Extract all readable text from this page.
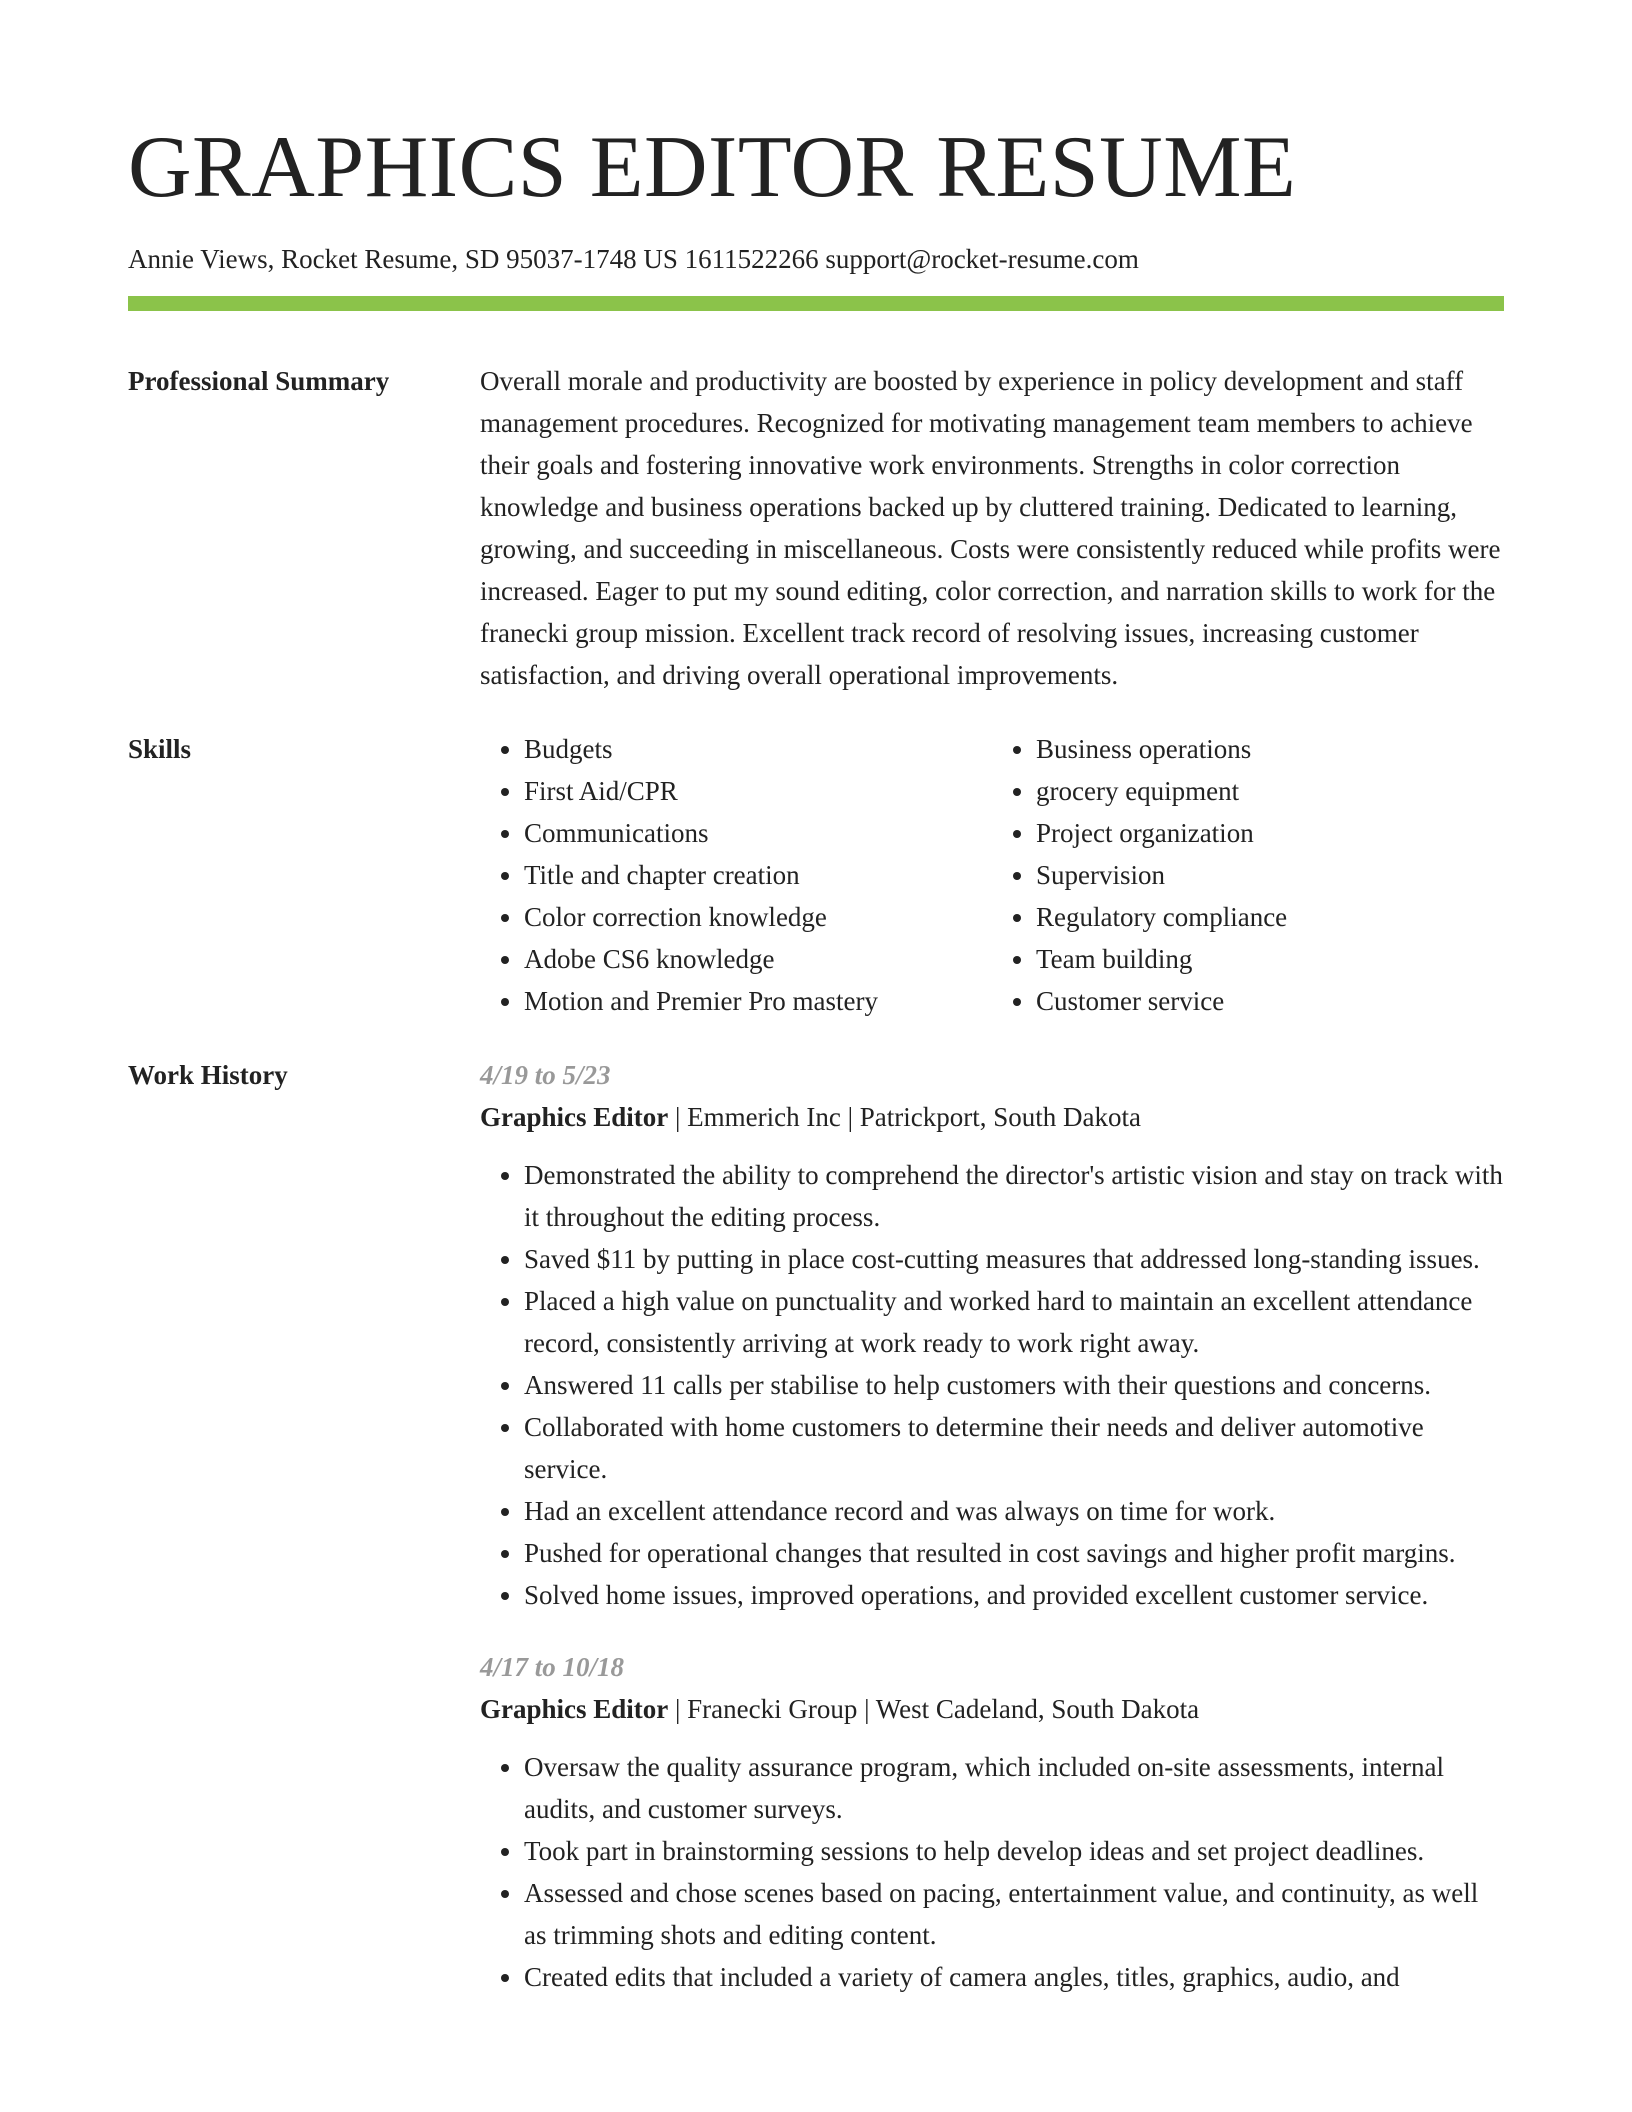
GRAPHICS EDITOR RESUME
Annie Views, Rocket Resume, SD 95037-1748 US 1611522266 support@rocket-resume.com
Professional Summary	Overall morale and productivity are boosted by experience in policy development and staff management procedures. Recognized for motivating management team members to achieve their goals and fostering innovative work environments. Strengths in color correction knowledge and business operations backed up by cluttered training. Dedicated to learning, growing, and succeeding in miscellaneous. Costs were consistently reduced while profits were increased. Eager to put my sound editing, color correction, and narration skills to work for the franecki group mission. Excellent track record of resolving issues, increasing customer satisfaction, and driving overall operational improvements.

Skills
•	Budgets
• First Aid/CPR
• Communications
• Title and chapter creation
• Color correction knowledge
• Adobe CS6 knowledge
• Motion and Premier Pro mastery
• Business operations
• grocery equipment
• Project organization
• Supervision
• Regulatory compliance
• Team building
• Customer service
Work History	4/19 to 5/23
Graphics Editor | Emmerich Inc | Patrickport, South Dakota
• Demonstrated the ability to comprehend the director's artistic vision and stay on track with it throughout the editing process.
• Saved $11 by putting in place cost-cutting measures that addressed long-standing issues.
• Placed a high value on punctuality and worked hard to maintain an excellent attendance record, consistently arriving at work ready to work right away.
• Answered 11 calls per stabilise to help customers with their questions and concerns.
• Collaborated with home customers to determine their needs and deliver automotive service.
• Had an excellent attendance record and was always on time for work.
• Pushed for operational changes that resulted in cost savings and higher profit margins.
• Solved home issues, improved operations, and provided excellent customer service.
4/17 to 10/18
Graphics Editor | Franecki Group | West Cadeland, South Dakota
• Oversaw the quality assurance program, which included on-site assessments, internal audits, and customer surveys.
• Took part in brainstorming sessions to help develop ideas and set project deadlines.
• Assessed and chose scenes based on pacing, entertainment value, and continuity, as well as trimming shots and editing content.
• Created edits that included a variety of camera angles, titles, graphics, audio, and
